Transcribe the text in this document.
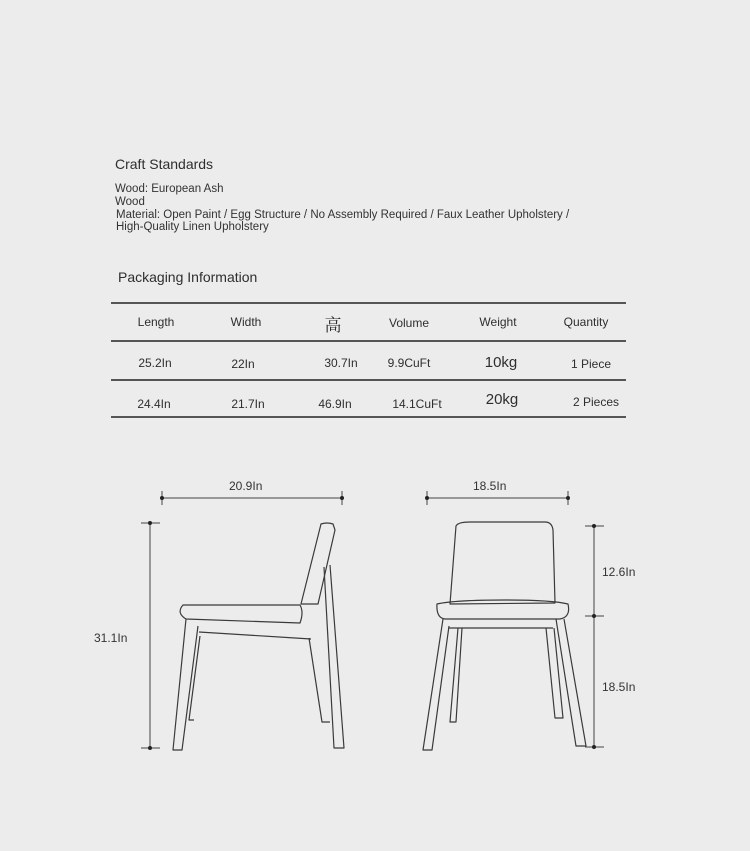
Craft Standards
Wood: European Ash
Wood
Material: Open Paint / Egg Structure / No Assembly Required / Faux Leather Upholstery /
High-Quality Linen Upholstery
Packaging Information
Length	Width	高	Volume	Weight	Quantity
25.2In	22In	30.7In 9.9CuFt	10kg	1 Piece
24.4In	21.7In	46.9In	14.1CuFt	20kg	2 Pieces
20.9In
31.1In
18.5In
12.6In
18.5In
